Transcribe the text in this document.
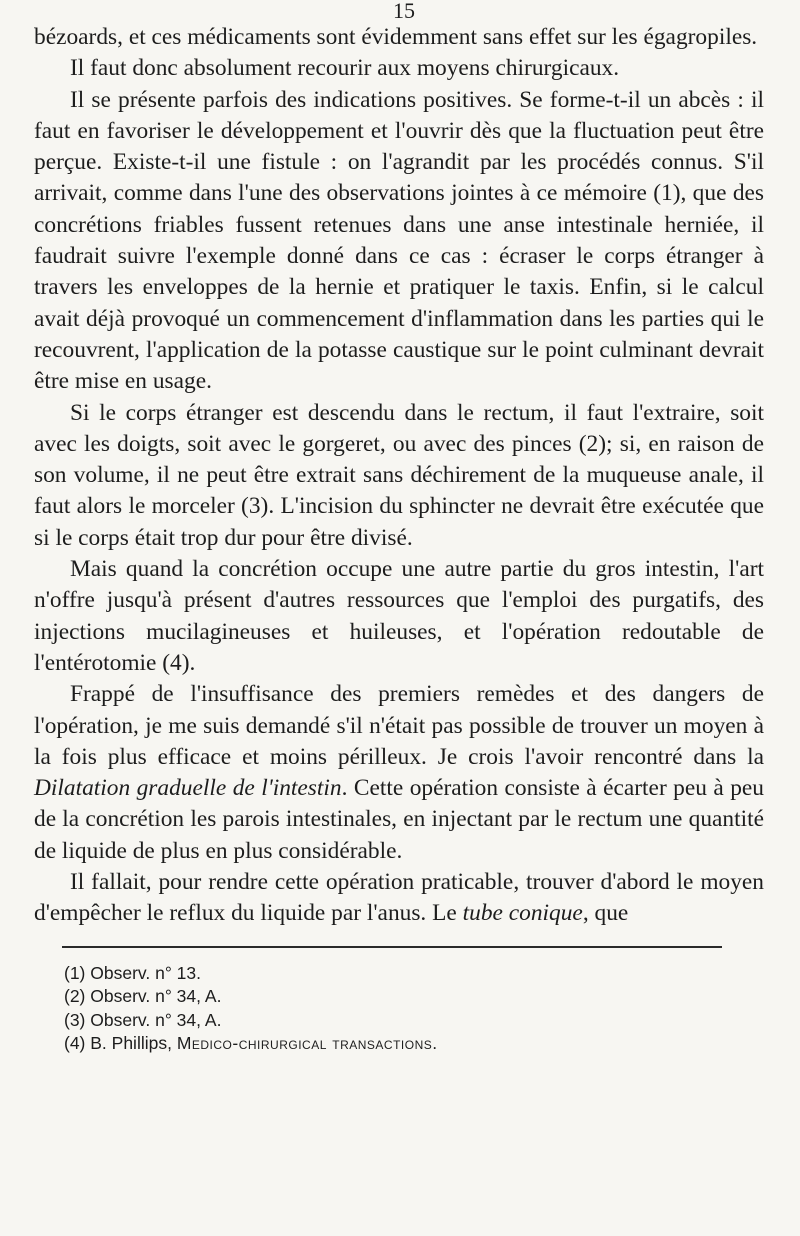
15

bézoards, et ces médicaments sont évidemment sans effet sur les égagropiles.

Il faut donc absolument recourir aux moyens chirurgicaux.

Il se présente parfois des indications positives. Se forme-t-il un abcès : il faut en favoriser le développement et l'ouvrir dès que la fluctuation peut être perçue. Existe-t-il une fistule : on l'agrandit par les procédés connus. S'il arrivait, comme dans l'une des observations jointes à ce mémoire (1), que des concrétions friables fussent retenues dans une anse intestinale herniée, il faudrait suivre l'exemple donné dans ce cas : écraser le corps étranger à travers les enveloppes de la hernie et pratiquer le taxis. Enfin, si le calcul avait déjà provoqué un commencement d'inflammation dans les parties qui le recouvrent, l'application de la potasse caustique sur le point culminant devrait être mise en usage.

Si le corps étranger est descendu dans le rectum, il faut l'extraire, soit avec les doigts, soit avec le gorgeret, ou avec des pinces (2); si, en raison de son volume, il ne peut être extrait sans déchirement de la muqueuse anale, il faut alors le morceler (3). L'incision du sphincter ne devrait être exécutée que si le corps était trop dur pour être divisé.

Mais quand la concrétion occupe une autre partie du gros intestin, l'art n'offre jusqu'à présent d'autres ressources que l'emploi des purgatifs, des injections mucilagineuses et huileuses, et l'opération redoutable de l'entérotomie (4).

Frappé de l'insuffisance des premiers remèdes et des dangers de l'opération, je me suis demandé s'il n'était pas possible de trouver un moyen à la fois plus efficace et moins périlleux. Je crois l'avoir rencontré dans la Dilatation graduelle de l'intestin. Cette opération consiste à écarter peu à peu de la concrétion les parois intestinales, en injectant par le rectum une quantité de liquide de plus en plus considérable.

Il fallait, pour rendre cette opération praticable, trouver d'abord le moyen d'empêcher le reflux du liquide par l'anus. Le tube conique, que

(1) Observ. n° 13.
(2) Observ. n° 34, A.
(3) Observ. n° 34, A.
(4) B. Phillips, Medico-chirurgical transactions.
